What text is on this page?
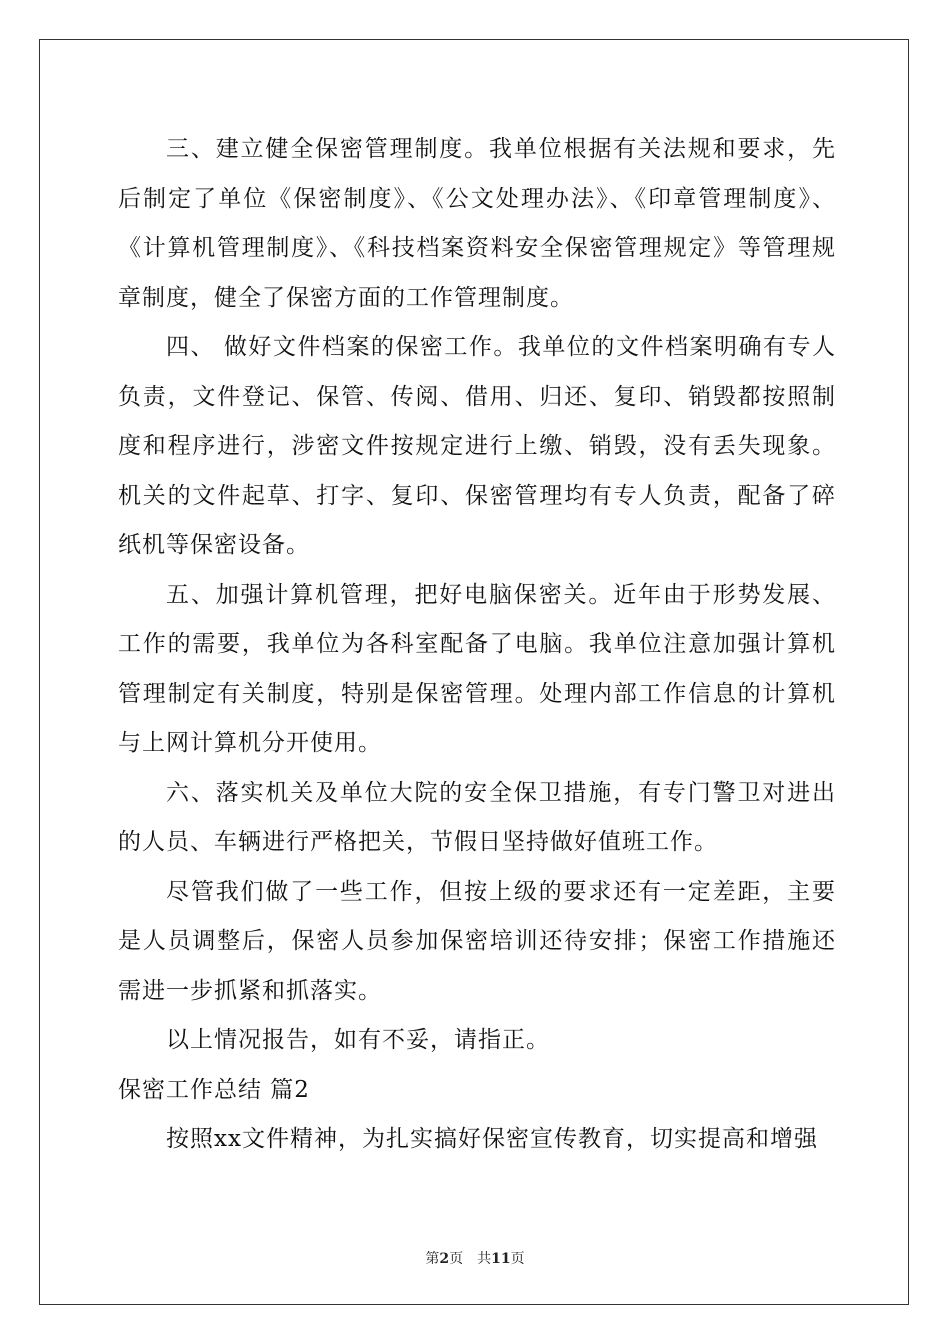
三、建立健全保密管理制度。我单位根据有关法规和要求，先后制定了单位《保密制度》、《公文处理办法》、《印章管理制度》、《计算机管理制度》、《科技档案资料安全保密管理规定》等管理规章制度，健全了保密方面的工作管理制度。

四、 做好文件档案的保密工作。我单位的文件档案明确有专人负责，文件登记、保管、传阅、借用、归还、复印、销毁都按照制度和程序进行，涉密文件按规定进行上缴、销毁，没有丢失现象。机关的文件起草、打字、复印、保密管理均有专人负责，配备了碎纸机等保密设备。

五、加强计算机管理，把好电脑保密关。近年由于形势发展、工作的需要，我单位为各科室配备了电脑。我单位注意加强计算机管理制定有关制度，特别是保密管理。处理内部工作信息的计算机与上网计算机分开使用。

六、落实机关及单位大院的安全保卫措施，有专门警卫对进出的人员、车辆进行严格把关，节假日坚持做好值班工作。

尽管我们做了一些工作，但按上级的要求还有一定差距，主要是人员调整后，保密人员参加保密培训还待安排；保密工作措施还需进一步抓紧和抓落实。

以上情况报告，如有不妥，请指正。

保密工作总结 篇2

按照xx文件精神，为扎实搞好保密宣传教育，切实提高和增强

第2页　共11页
